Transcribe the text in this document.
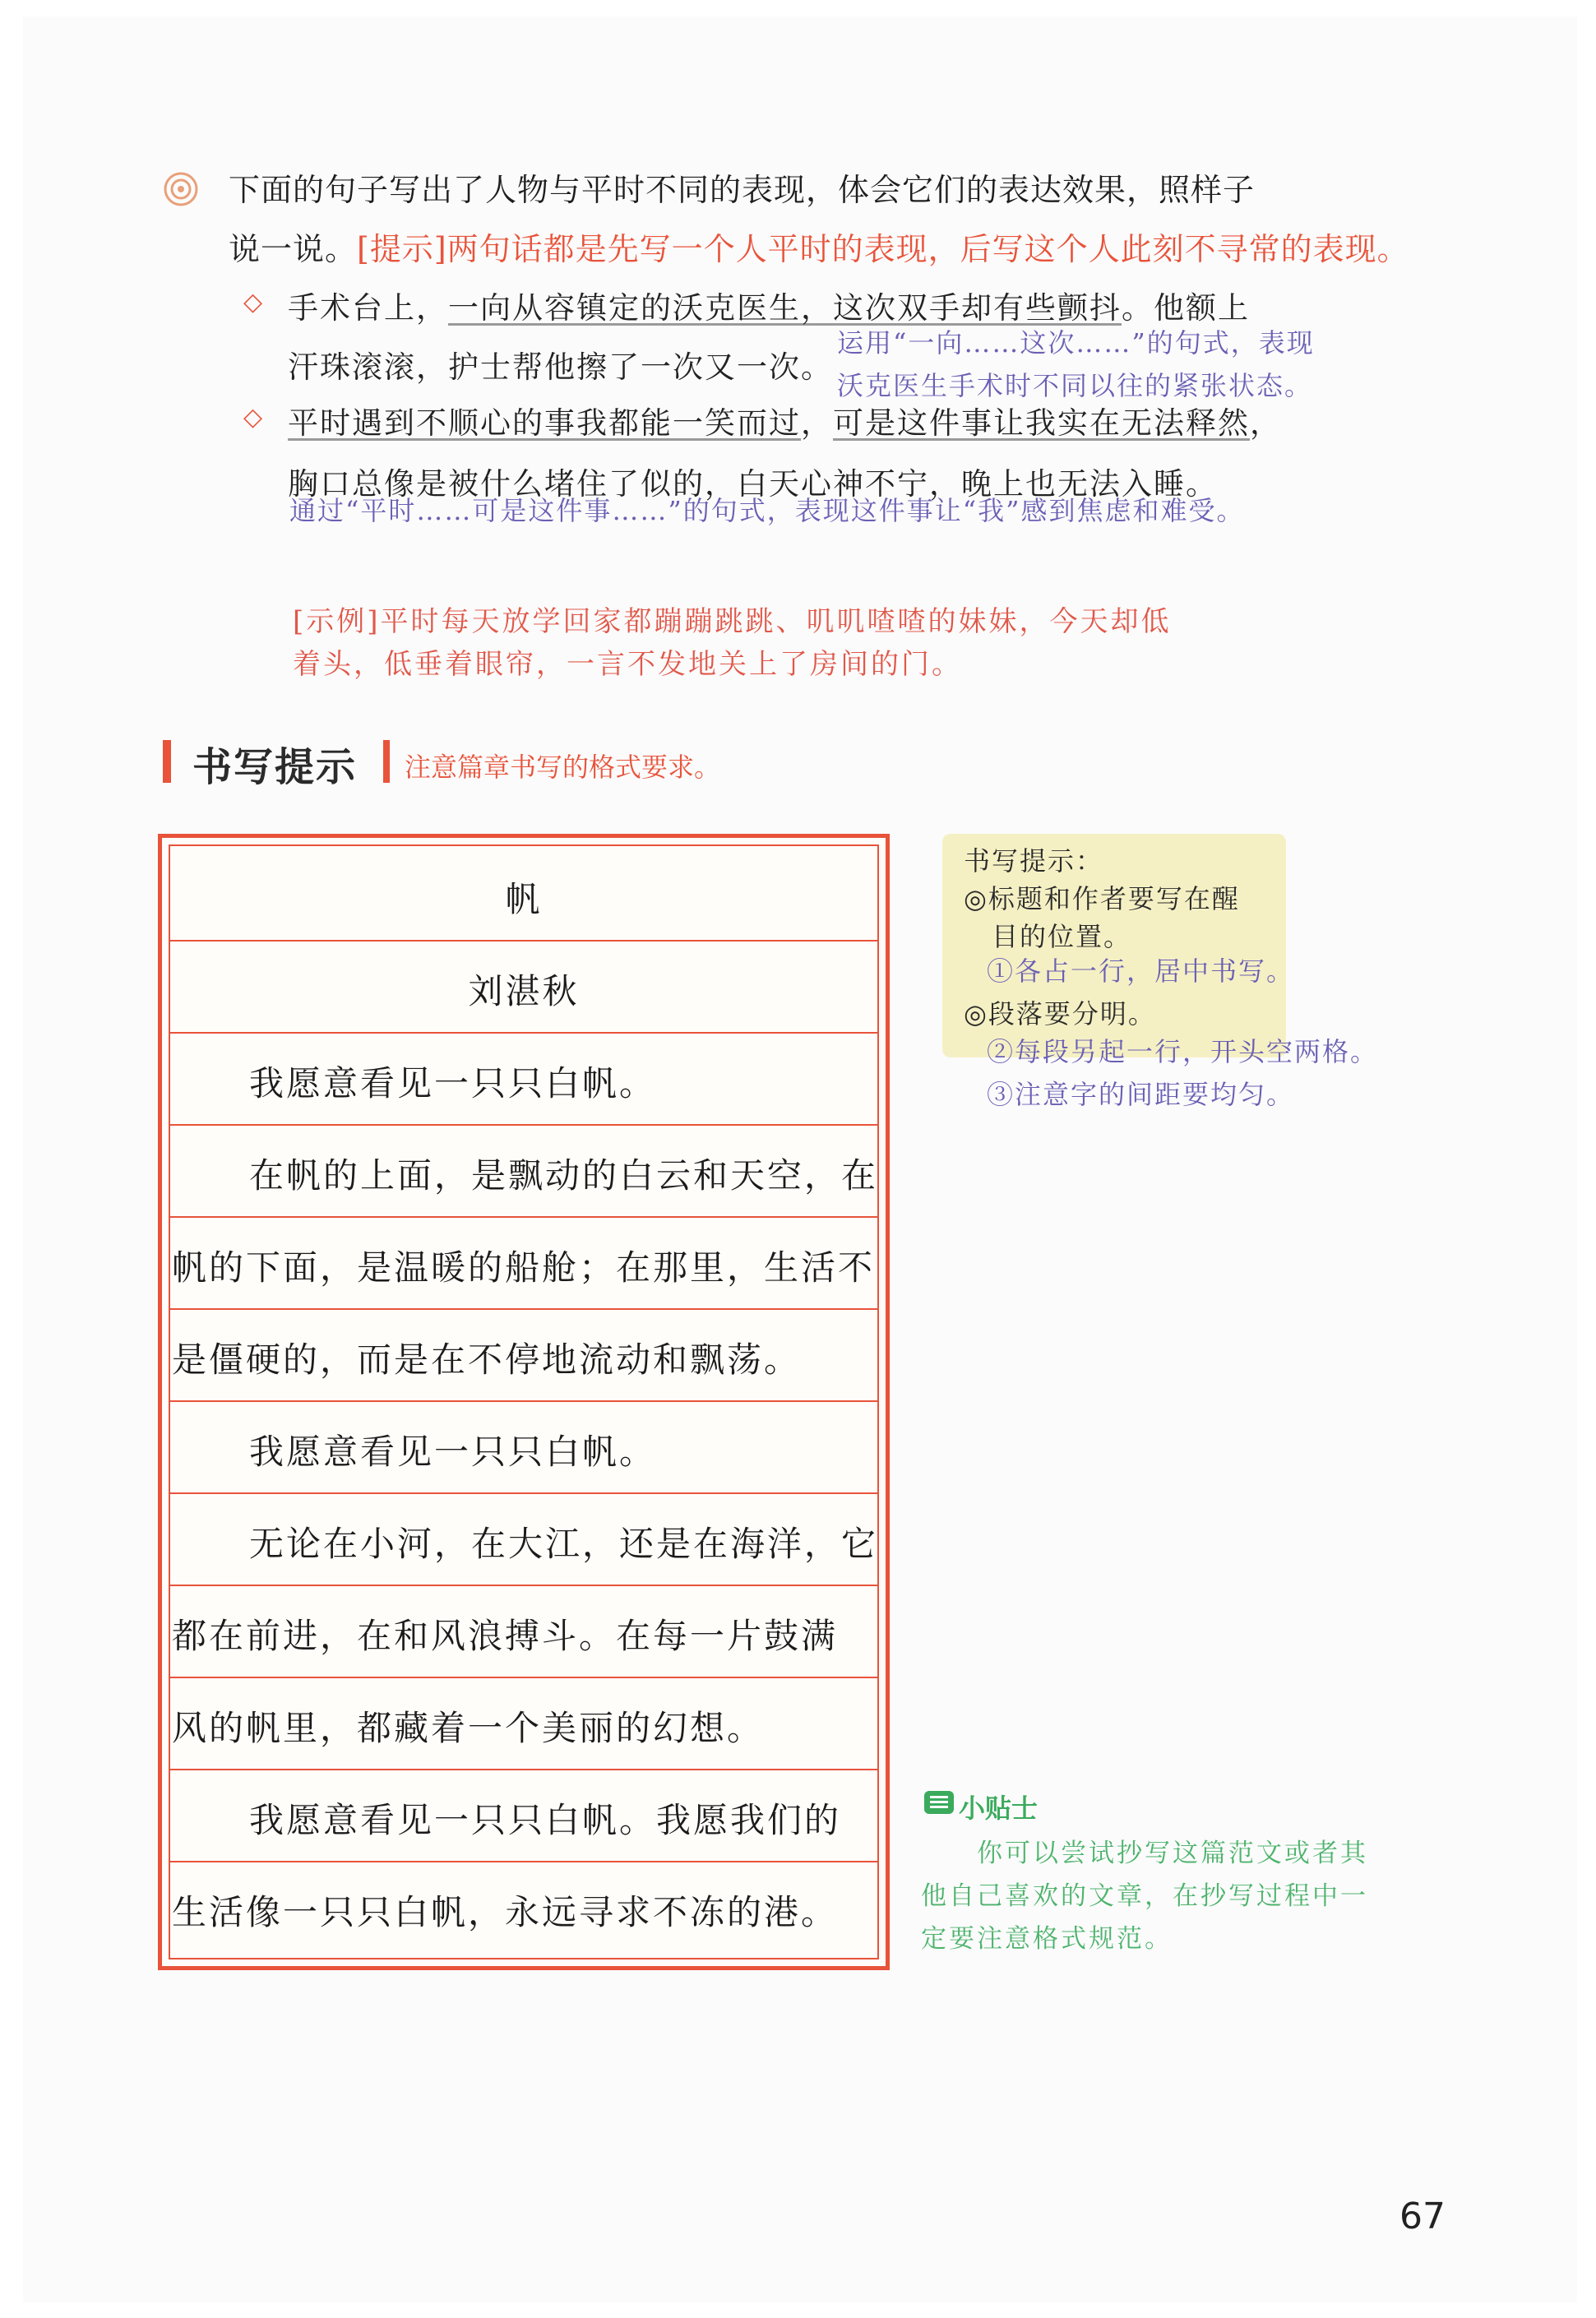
下面的句子写出了人物与平时不同的表现，体会它们的表达效果，照样子
说一说。[提示]两句话都是先写一个人平时的表现，后写这个人此刻不寻常的表现。
◇ 手术台上，一向从容镇定的沃克医生，这次双手却有些颤抖。他额上
汗珠滚滚，护士帮他擦了一次又一次。
运用“一向……这次……”的句式，表现
沃克医生手术时不同以往的紧张状态。
◇ 平时遇到不顺心的事我都能一笑而过，可是这件事让我实在无法释然，
胸口总像是被什么堵住了似的，白天心神不宁，晚上也无法入睡。
通过“平时……可是这件事……”的句式，表现这件事让“我”感到焦虑和难受。
[示例]平时每天放学回家都蹦蹦跳跳、叽叽喳喳的妹妹，今天却低
着头，低垂着眼帘，一言不发地关上了房间的门。
书写提示 注意篇章书写的格式要求。
帆
刘湛秋
我愿意看见一只只白帆。
在帆的上面，是飘动的白云和天空，在
帆的下面，是温暖的船舱；在那里，生活不
是僵硬的，而是在不停地流动和飘荡。
我愿意看见一只只白帆。
无论在小河，在大江，还是在海洋，它
都在前进，在和风浪搏斗。在每一片鼓满
风的帆里，都藏着一个美丽的幻想。
我愿意看见一只只白帆。我愿我们的
生活像一只只白帆，永远寻求不冻的港。
书写提示：
◎标题和作者要写在醒
目的位置。
①各占一行，居中书写。
◎段落要分明。
②每段另起一行，开头空两格。
③注意字的间距要均匀。
小贴士
你可以尝试抄写这篇范文或者其
他自己喜欢的文章，在抄写过程中一
定要注意格式规范。
67
